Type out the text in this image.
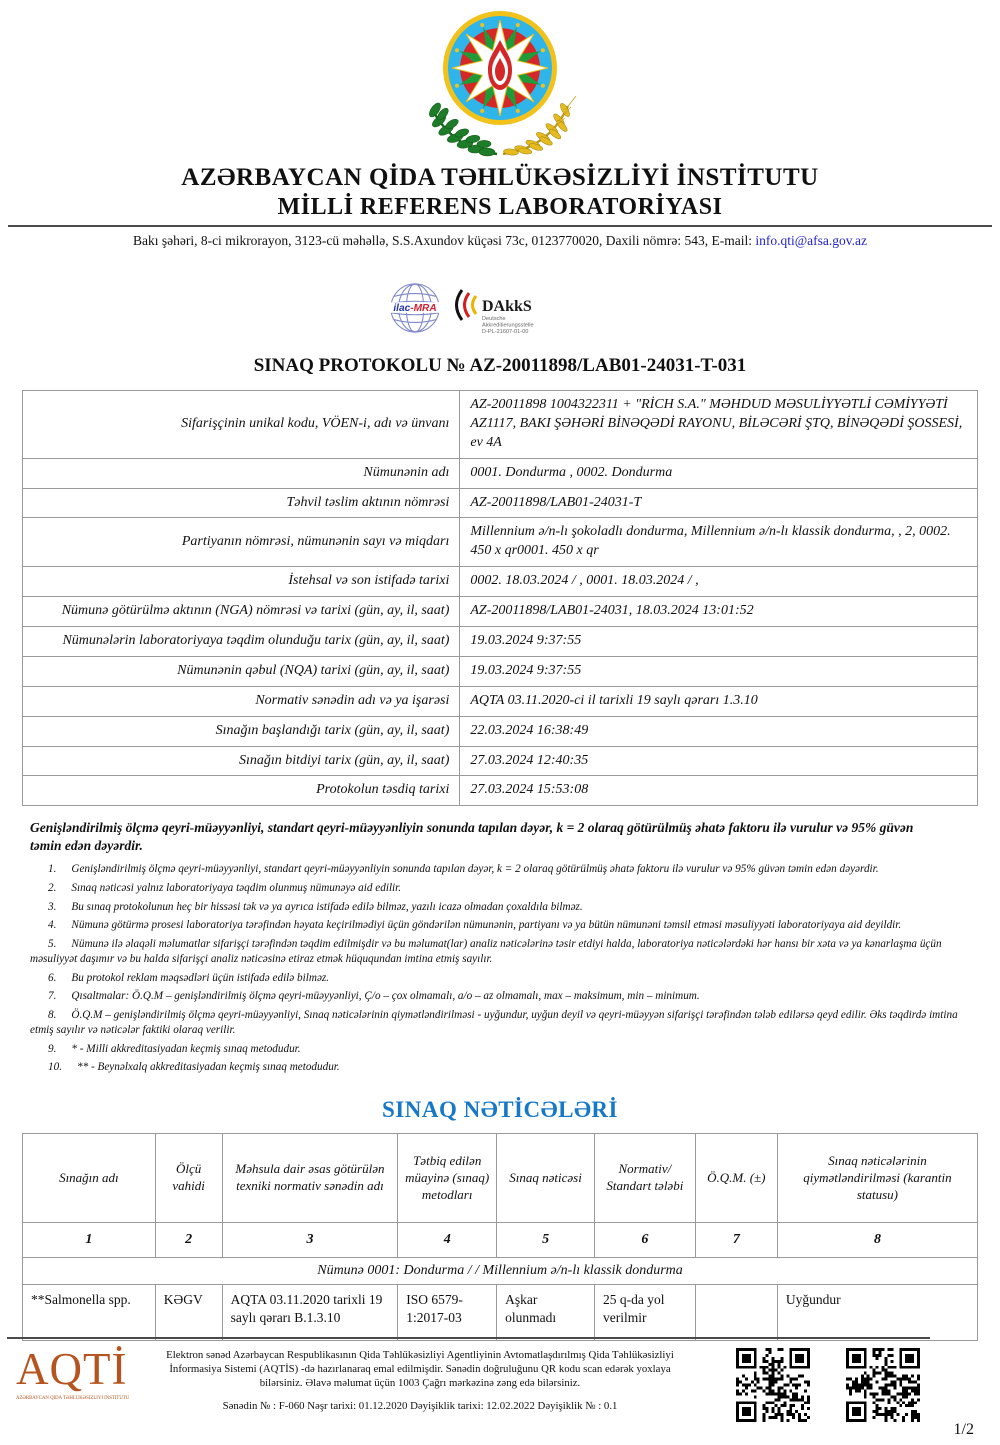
AZƏRBAYCAN QİDA TƏHLÜKƏSİZLİYİ İNSTİTUTU
MİLLİ REFERENS LABORATORİYASI
Bakı şəhəri, 8-ci mikrorayon, 3123-cü məhəllə, S.S.Axundov küçəsi 73c, 0123770020, Daxili nömrə: 543, E-mail: info.qti@afsa.gov.az
ilac-MRA	DAkkS
Deutsche
Akkreditierungsstelle
D-PL-21607-01-00
SINAQ PROTOKOLU № AZ-20011898/LAB01-24031-T-031
Sifarişçinin unikal kodu, VÖEN-i, adı və ünvanı	AZ-20011898 1004322311 + "RİCH S.A." MƏHDUD MƏSULİYYƏTLİ CƏMİYYƏTİ AZ1117, BAKI ŞƏHƏRİ BİNƏQƏDİ RAYONU, BİLƏCƏRİ ŞTQ, BİNƏQƏDİ ŞOSSESİ, ev 4A
Nümunənin adı	0001. Dondurma , 0002. Dondurma
Təhvil təslim aktının nömrəsi	AZ-20011898/LAB01-24031-T
Partiyanın nömrəsi, nümunənin sayı və miqdarı	Millennium ə/n-lı şokoladlı dondurma, Millennium ə/n-lı klassik dondurma, , 2, 0002. 450 x qr0001. 450 x qr
İstehsal və son istifadə tarixi	0002. 18.03.2024 / , 0001. 18.03.2024 / ,
Nümunə götürülmə aktının (NGA) nömrəsi və tarixi (gün, ay, il, saat)	AZ-20011898/LAB01-24031, 18.03.2024 13:01:52
Nümunələrin laboratoriyaya təqdim olunduğu tarix (gün, ay, il, saat)	19.03.2024 9:37:55
Nümunənin qəbul (NQA) tarixi (gün, ay, il, saat)	19.03.2024 9:37:55
Normativ sənədin adı və ya işarəsi	AQTA 03.11.2020-ci il tarixli 19 saylı qərarı 1.3.10
Sınağın başlandığı tarix (gün, ay, il, saat)	22.03.2024 16:38:49
Sınağın bitdiyi tarix (gün, ay, il, saat)	27.03.2024 12:40:35
Protokolun təsdiq tarixi	27.03.2024 15:53:08
Genişləndirilmiş ölçmə qeyri-müəyyənliyi, standart qeyri-müəyyənliyin sonunda tapılan dəyər, k = 2 olaraq götürülmüş əhatə faktoru ilə vurulur və 95% güvən təmin edən dəyərdir.

1. Genişləndirilmiş ölçmə qeyri-müəyyənliyi, standart qeyri-müəyyənliyin sonunda tapılan dəyər, k = 2 olaraq götürülmüş əhatə faktoru ilə vurulur və 95% güvən təmin edən dəyərdir.

2. Sınaq nəticəsi yalnız laboratoriyaya təqdim olunmuş nümunəyə aid edilir.

3. Bu sınaq protokolunun heç bir hissəsi tək və ya ayrıca istifadə edilə bilməz, yazılı icazə olmadan çoxaldıla bilməz.

4. Nümunə götürmə prosesi laboratoriya tərəfindən həyata keçirilmədiyi üçün göndərilən nümunənin, partiyanı və ya bütün nümunəni təmsil etməsi məsuliyyəti laboratoriyaya aid deyildir.

5. Nümunə ilə əlaqəli məlumatlar sifarişçi tərəfindən təqdim edilmişdir və bu məlumat(lar) analiz nəticələrinə təsir etdiyi halda, laboratoriya nəticələrdəki hər hansı bir xəta və ya kənarlaşma üçün məsuliyyət daşımır və bu halda sifarişçi analiz nəticəsinə etiraz etmək hüququndan imtina etmiş sayılır.

6. Bu protokol reklam məqsədləri üçün istifadə edilə bilməz.

7. Qısaltmalar: Ö.Q.M – genişləndirilmiş ölçmə qeyri-müəyyənliyi, Ç/o – çox olmamalı, a/o – az olmamalı, max – maksimum, min – minimum.

8. Ö.Q.M – genişləndirilmiş ölçmə qeyri-müəyyənliyi, Sınaq nəticələrinin qiymətləndirilməsi - uyğundur, uyğun deyil və qeyri-müəyyən sifarişçi tərəfindən tələb edilərsə qeyd edilir. Əks təqdirdə imtina etmiş sayılır və nəticələr faktiki olaraq verilir.

9. * - Milli akkreditasiyadan keçmiş sınaq metodudur.

10. ** - Beynəlxalq akkreditasiyadan keçmiş sınaq metodudur.

SINAQ NƏTİCƏLƏRİ
Sınağın adı	Ölçü vahidi	Məhsula dair əsas götürülən texniki normativ sənədin adı	Tətbiq edilən müayinə (sınaq) metodları	Sınaq nəticəsi	Normativ/ Standart tələbi	Ö.Q.M. (±)	Sınaq nəticələrinin qiymətləndirilməsi (karantin statusu)
1	2	3	4	5	6	7	8
Nümunə 0001: Dondurma / / Millennium ə/n-lı klassik dondurma							
**Salmonella spp.	KƏGV	AQTA 03.11.2020 tarixli 19 saylı qərarı B.1.3.10	ISO 6579-1:2017-03	Aşkar olunmadı	25 q-da yol verilmir		Uyğundur
AQTİ
AZƏRBAYCAN QİDA TƏHLÜKƏSİZLİYİ İNSTİTUTU
Elektron sənəd Azərbaycan Respublikasının Qida Təhlükəsizliyi Agentliyinin Avtomatlaşdırılmış Qida Təhlükəsizliyi İnformasiya Sistemi (AQTİS) -də hazırlanaraq emal edilmişdir. Sənədin doğruluğunu QR kodu scan edərək yoxlaya bilərsiniz. Əlavə məlumat üçün 1003 Çağrı mərkəzinə zəng edə bilərsiniz.
Sənədin № : F-060 Nəşr tarixi: 01.12.2020 Dəyişiklik tarixi: 12.02.2022 Dəyişiklik № : 0.1
1/2
